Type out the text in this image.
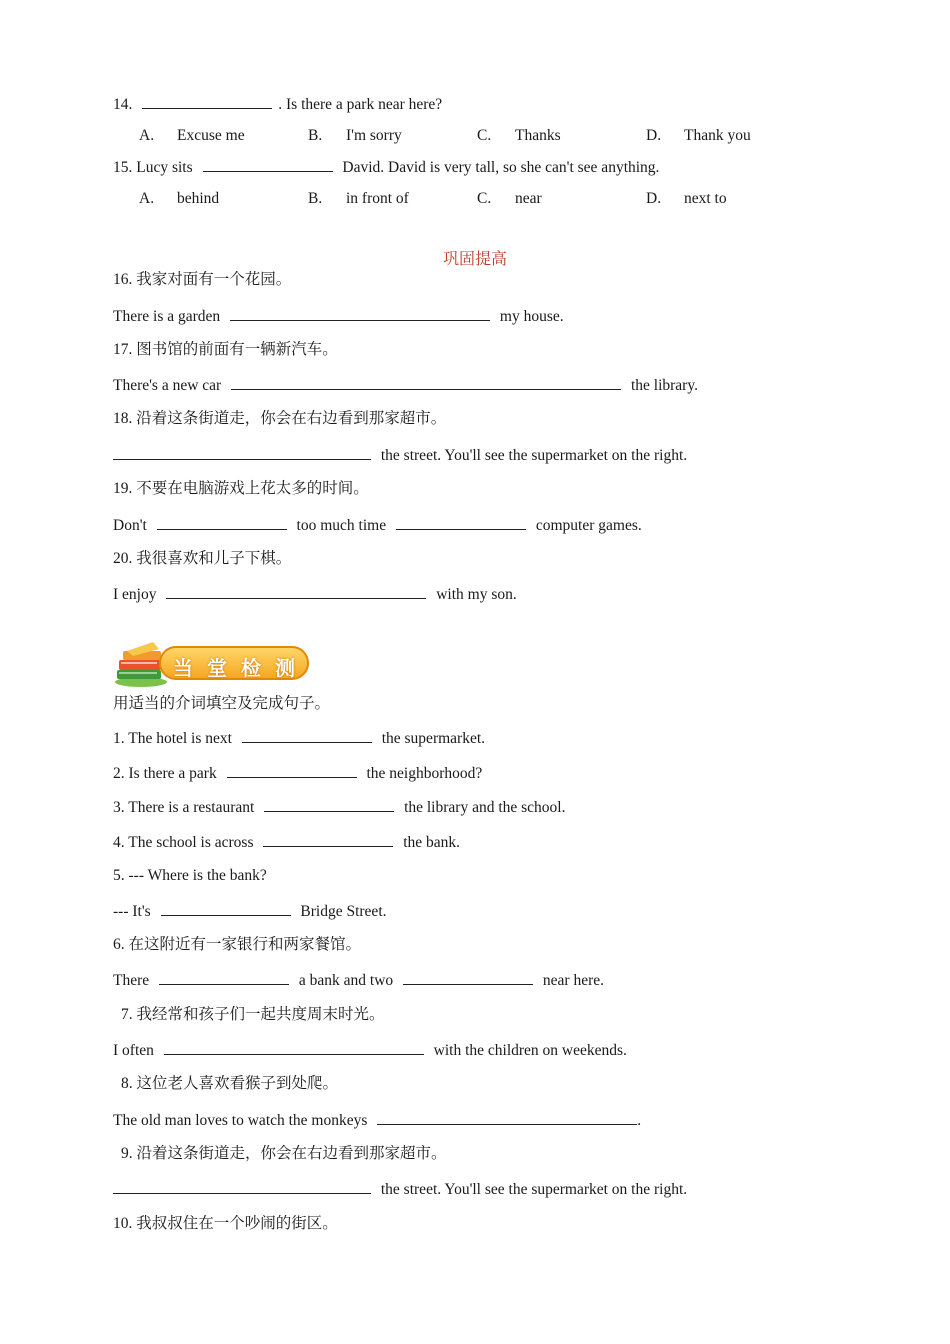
14.	. Is there a park near here?
A. Excuse me	B. I'm sorry	C. Thanks	D. Thank you
15. Lucy sits	David. David is very tall, so she can't see anything.
A. behind	B. in front of	C. near	D. next to
巩固提高
16. 我家对面有一个花园。
There is a garden	my house.
17. 图书馆的前面有一辆新汽车。
There's a new car	the library.
18. 沿着这条街道走，你会在右边看到那家超市。
the street. You'll see the supermarket on the right.
19. 不要在电脑游戏上花太多的时间。
Don't	too much time	computer games.
20. 我很喜欢和儿子下棋。
I enjoy	with my son.
当 堂 检 测
用适当的介词填空及完成句子。
1. The hotel is next	the supermarket.
2. Is there a park	the neighborhood?
3. There is a restaurant	the library and the school.
4. The school is across	the bank.
5. --- Where is the bank?
--- It's	Bridge Street.
6. 在这附近有一家银行和两家餐馆。
There	a bank and two	near here.
7. 我经常和孩子们一起共度周末时光。
I often	with the children on weekends.
8. 这位老人喜欢看猴子到处爬。
The old man loves to watch the monkeys	.
9. 沿着这条街道走，你会在右边看到那家超市。
the street. You'll see the supermarket on the right.
10. 我叔叔住在一个吵闹的街区。
